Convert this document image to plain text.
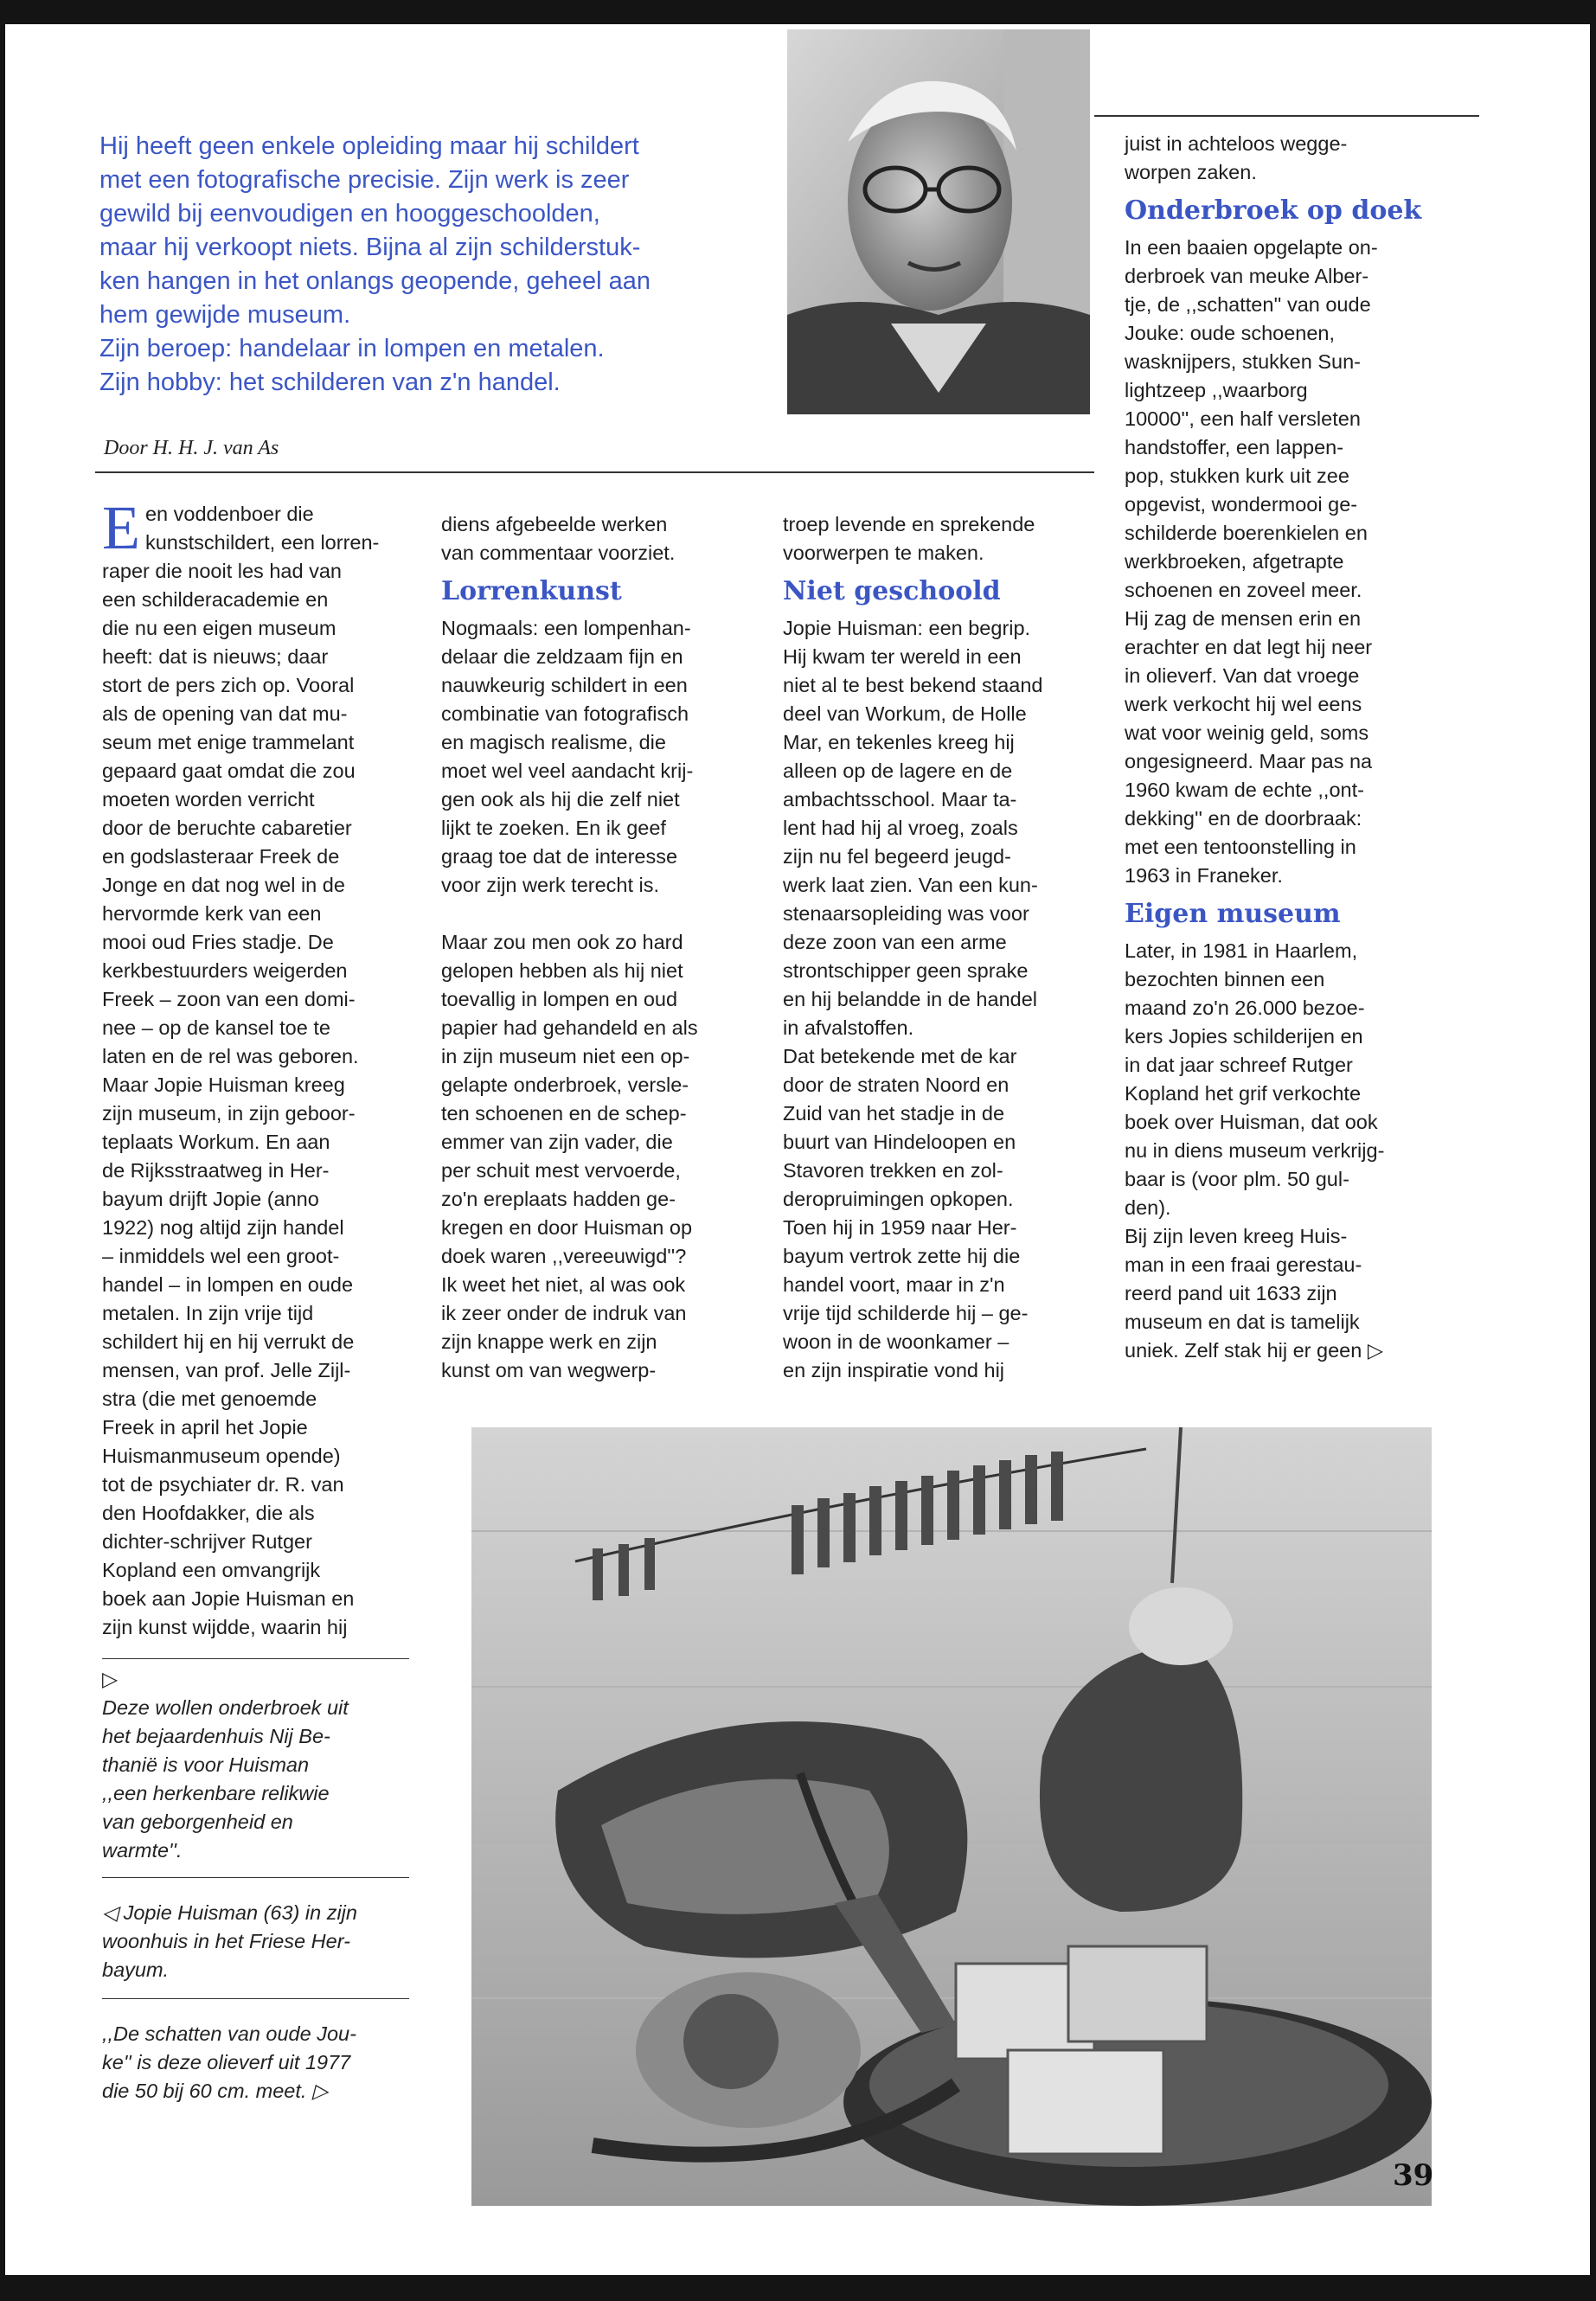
Hij heeft geen enkele opleiding maar hij schildert

met een fotografische precisie. Zijn werk is zeer

gewild bij eenvoudigen en hooggeschoolden,

maar hij verkoopt niets. Bijna al zijn schilderstuk-

ken hangen in het onlangs geopende, geheel aan

hem gewijde museum.

Zijn beroep: handelaar in lompen en metalen.

Zijn hobby: het schilderen van z'n handel.

Door H. H. J. van As
E en voddenboer die

kunstschildert, een lorren-

raper die nooit les had van

een schilderacademie en

die nu een eigen museum

heeft: dat is nieuws; daar

stort de pers zich op. Vooral

als de opening van dat mu-

seum met enige trammelant

gepaard gaat omdat die zou

moeten worden verricht

door de beruchte cabaretier

en godslasteraar Freek de

Jonge en dat nog wel in de

hervormde kerk van een

mooi oud Fries stadje. De

kerkbestuurders weigerden

Freek – zoon van een domi-

nee – op de kansel toe te

laten en de rel was geboren.

Maar Jopie Huisman kreeg

zijn museum, in zijn geboor-

teplaats Workum. En aan

de Rijksstraatweg in Her-

bayum drijft Jopie (anno

1922) nog altijd zijn handel

– inmiddels wel een groot-

handel – in lompen en oude

metalen. In zijn vrije tijd

schildert hij en hij verrukt de

mensen, van prof. Jelle Zijl-

stra (die met genoemde

Freek in april het Jopie

Huismanmuseum opende)

tot de psychiater dr. R. van

den Hoofdakker, die als

dichter-schrijver Rutger

Kopland een omvangrijk

boek aan Jopie Huisman en

zijn kunst wijdde, waarin hij

▷

Deze wollen onderbroek uit

het bejaardenhuis Nij Be-

thanië is voor Huisman

,,een herkenbare relikwie

van geborgenheid en

warmte''.

◁ Jopie Huisman (63) in zijn

woonhuis in het Friese Her-

bayum.

,,De schatten van oude Jou-

ke'' is deze olieverf uit 1977

die 50 bij 60 cm. meet. ▷

diens afgebeelde werken

van commentaar voorziet.

Lorrenkunst

Nogmaals: een lompenhan-

delaar die zeldzaam fijn en

nauwkeurig schildert in een

combinatie van fotografisch

en magisch realisme, die

moet wel veel aandacht krij-

gen ook als hij die zelf niet

lijkt te zoeken. En ik geef

graag toe dat de interesse

voor zijn werk terecht is.

Maar zou men ook zo hard

gelopen hebben als hij niet

toevallig in lompen en oud

papier had gehandeld en als

in zijn museum niet een op-

gelapte onderbroek, versle-

ten schoenen en de schep-

emmer van zijn vader, die

per schuit mest vervoerde,

zo'n ereplaats hadden ge-

kregen en door Huisman op

doek waren ,,vereeuwigd''?

Ik weet het niet, al was ook

ik zeer onder de indruk van

zijn knappe werk en zijn

kunst om van wegwerp-

troep levende en sprekende

voorwerpen te maken.

Niet geschoold

Jopie Huisman: een begrip.

Hij kwam ter wereld in een

niet al te best bekend staand

deel van Workum, de Holle

Mar, en tekenles kreeg hij

alleen op de lagere en de

ambachtsschool. Maar ta-

lent had hij al vroeg, zoals

zijn nu fel begeerd jeugd-

werk laat zien. Van een kun-

stenaarsopleiding was voor

deze zoon van een arme

strontschipper geen sprake

en hij belandde in de handel

in afvalstoffen.

Dat betekende met de kar

door de straten Noord en

Zuid van het stadje in de

buurt van Hindeloopen en

Stavoren trekken en zol-

deropruimingen opkopen.

Toen hij in 1959 naar Her-

bayum vertrok zette hij die

handel voort, maar in z'n

vrije tijd schilderde hij – ge-

woon in de woonkamer –

en zijn inspiratie vond hij

juist in achteloos wegge-

worpen zaken.

Onderbroek op doek

In een baaien opgelapte on-

derbroek van meuke Alber-

tje, de ,,schatten'' van oude

Jouke: oude schoenen,

wasknijpers, stukken Sun-

lightzeep ,,waarborg

10000'', een half versleten

handstoffer, een lappen-

pop, stukken kurk uit zee

opgevist, wondermooi ge-

schilderde boerenkielen en

werkbroeken, afgetrapte

schoenen en zoveel meer.

Hij zag de mensen erin en

erachter en dat legt hij neer

in olieverf. Van dat vroege

werk verkocht hij wel eens

wat voor weinig geld, soms

ongesigneerd. Maar pas na

1960 kwam de echte ,,ont-

dekking'' en de doorbraak:

met een tentoonstelling in

1963 in Franeker.

Eigen museum

Later, in 1981 in Haarlem,

bezochten binnen een

maand zo'n 26.000 bezoe-

kers Jopies schilderijen en

in dat jaar schreef Rutger

Kopland het grif verkochte

boek over Huisman, dat ook

nu in diens museum verkrijg-

baar is (voor plm. 50 gul-

den).

Bij zijn leven kreeg Huis-

man in een fraai gerestau-

reerd pand uit 1633 zijn

museum en dat is tamelijk

uniek. Zelf stak hij er geen ▷

39
